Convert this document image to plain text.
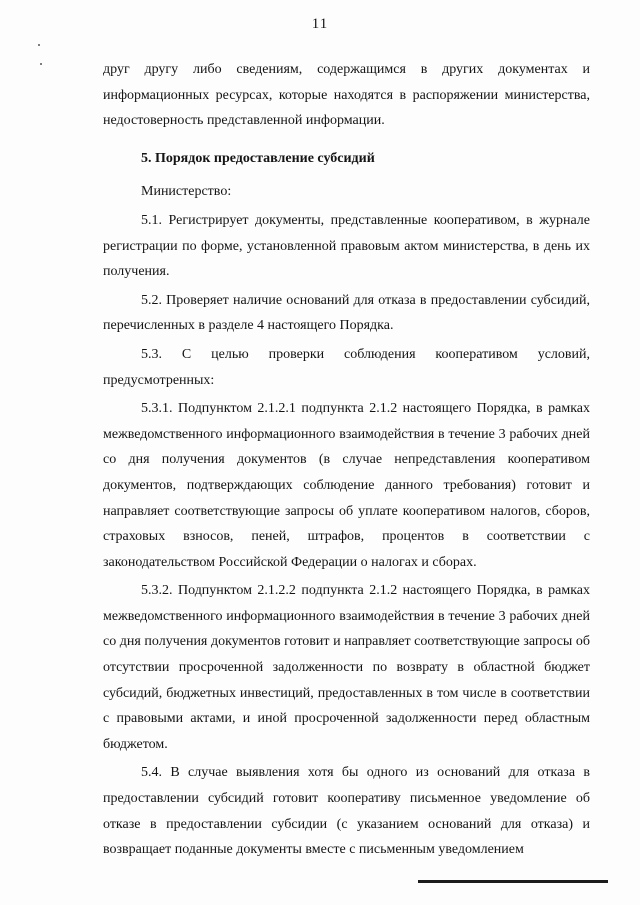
11

друг другу либо сведениям, содержащимся в других документах и информационных ресурсах, которые находятся в распоряжении министерства, недостоверность представленной информации.

5. Порядок предоставление субсидий

Министерство:

5.1. Регистрирует документы, представленные кооперативом, в журнале регистрации по форме, установленной правовым актом министерства, в день их получения.

5.2. Проверяет наличие оснований для отказа в предоставлении субсидий, перечисленных в разделе 4 настоящего Порядка.

5.3. С целью проверки соблюдения кооперативом условий, предусмотренных:

5.3.1. Подпунктом 2.1.2.1 подпункта 2.1.2 настоящего Порядка, в рамках межведомственного информационного взаимодействия в течение 3 рабочих дней со дня получения документов (в случае непредставления кооперативом документов, подтверждающих соблюдение данного требования) готовит и направляет соответствующие запросы об уплате кооперативом налогов, сборов, страховых взносов, пеней, штрафов, процентов в соответствии с законодательством Российской Федерации о налогах и сборах.

5.3.2. Подпунктом 2.1.2.2 подпункта 2.1.2 настоящего Порядка, в рамках межведомственного информационного взаимодействия в течение 3 рабочих дней со дня получения документов готовит и направляет соответствующие запросы об отсутствии просроченной задолженности по возврату в областной бюджет субсидий, бюджетных инвестиций, предоставленных в том числе в соответствии с правовыми актами, и иной просроченной задолженности перед областным бюджетом.

5.4. В случае выявления хотя бы одного из оснований для отказа в предоставлении субсидий готовит кооперативу письменное уведомление об отказе в предоставлении субсидии (с указанием оснований для отказа) и возвращает поданные документы вместе с письменным уведомлением
